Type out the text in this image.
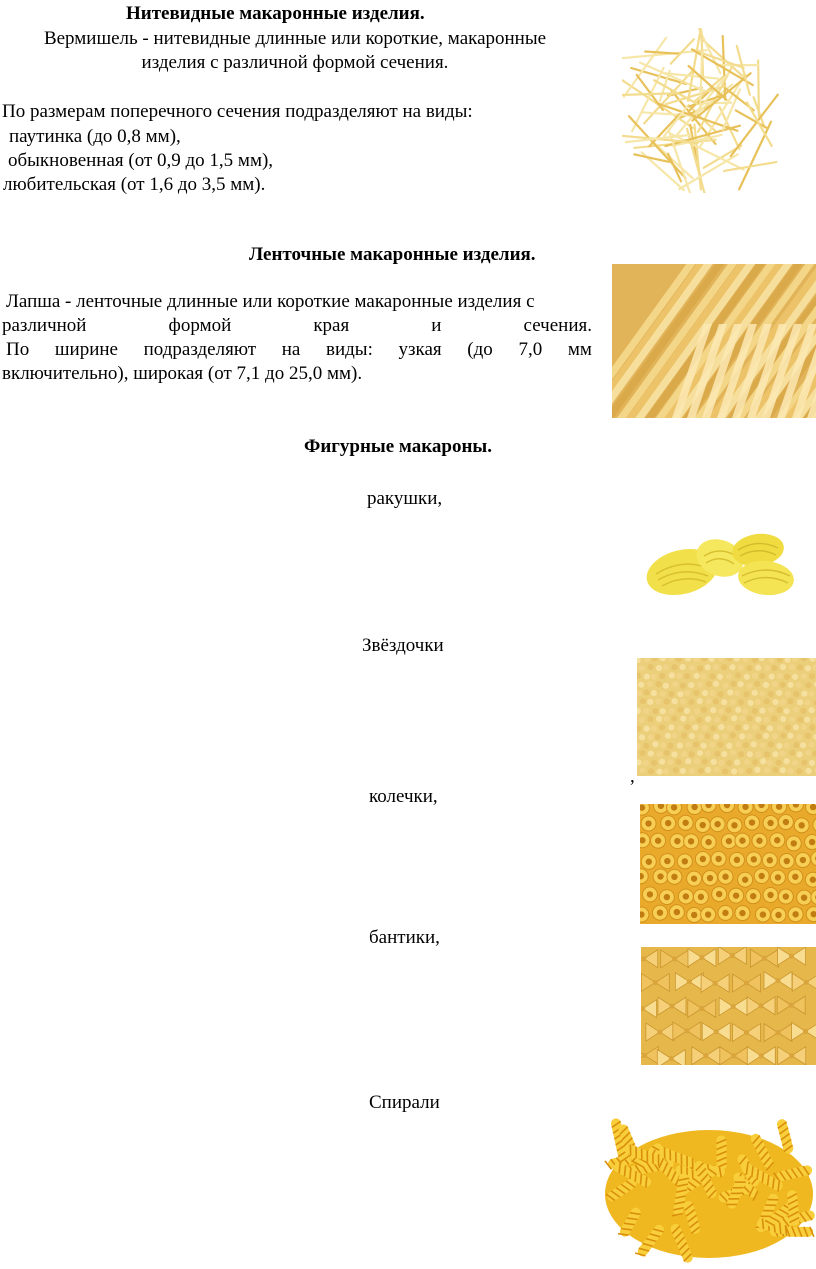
Нитевидные макаронные изделия.
Вермишель - нитевидные длинные или короткие, макаронные
изделия с различной формой сечения.
По размерам поперечного сечения подразделяют на виды:
паутинка (до 0,8 мм),
обыкновенная (от 0,9 до 1,5 мм),
любительская (от 1,6 до 3,5 мм).
Ленточные макаронные изделия.
Лапша - ленточные длинные или короткие макаронные изделия с
различной	формой	края	и	сечения.
По ширине подразделяют на виды: узкая (до 7,0 мм
включительно), широкая (от 7,1 до 25,0 мм).
Фигурные макароны.
ракушки,
Звёздочки
,
колечки,
бантики,
Спирали
